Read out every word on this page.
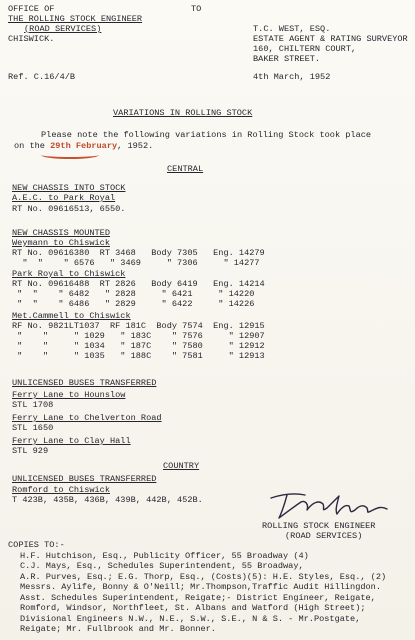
OFFICE OF
THE ROLLING STOCK ENGINEER
(ROAD SERVICES)
CHISWICK.
TO
T.C. WEST, ESQ.
ESTATE AGENT & RATING SURVEYOR
160, CHILTERN COURT,
BAKER STREET.
Ref. C.16/4/B	4th March, 1952
VARIATIONS IN ROLLING STOCK
Please note the following variations in Rolling Stock took place
on the 29th February, 1952.
CENTRAL
NEW CHASSIS INTO STOCK
A.E.C. to Park Royal
RT No. 09616513, 6550.
NEW CHASSIS MOUNTED
Weymann to Chiswick
RT No. 09616380  RT 3468   Body 7305   Eng. 14279
"  "    " 6576   " 3469     " 7306     " 14277
Park Royal to Chiswick
RT No. 09616488  RT 2826   Body 6419   Eng. 14214
"  "    " 6482   " 2828     " 6421     " 14220
"  "    " 6486   " 2829     " 6422     " 14226
Met.Cammell to Chiswick
RF No. 9821LT1037  RF 181C  Body 7574  Eng. 12915
"    "     " 1029   " 183C    " 7576     " 12907
"    "     " 1034   " 187C    " 7580     " 12912
"    "     " 1035   " 188C    " 7581     " 12913
UNLICENSED BUSES TRANSFERRED
Ferry Lane to Hounslow
STL 1708
Ferry Lane to Chelverton Road
STL 1650
Ferry Lane to Clay Hall
STL 929
COUNTRY
UNLICENSED BUSES TRANSFERRED
Romford to Chiswick
T 423B, 435B, 436B, 439B, 442B, 452B.
ROLLING STOCK ENGINEER
(ROAD SERVICES)
COPIES TO:-
H.F. Hutchison, Esq., Publicity Officer, 55 Broadway (4)
C.J. Mays, Esq., Schedules Superintendent, 55 Broadway,
A.R. Purves, Esq.; E.G. Thorp, Esq., (Costs)(5): H.E. Styles, Esq., (2)
Messrs. Aylife, Bonny & O'Neill; Mr.Thompson,Traffic Audit Hillingdon.
Asst. Schedules Superintendent, Reigate;- District Engineer, Reigate,
Romford, Windsor, Northfleet, St. Albans and Watford (High Street);
Divisional Engineers N.W., N.E., S.W., S.E., N & S. - Mr.Postgate,
Reigate; Mr. Fullbrook and Mr. Bonner.
